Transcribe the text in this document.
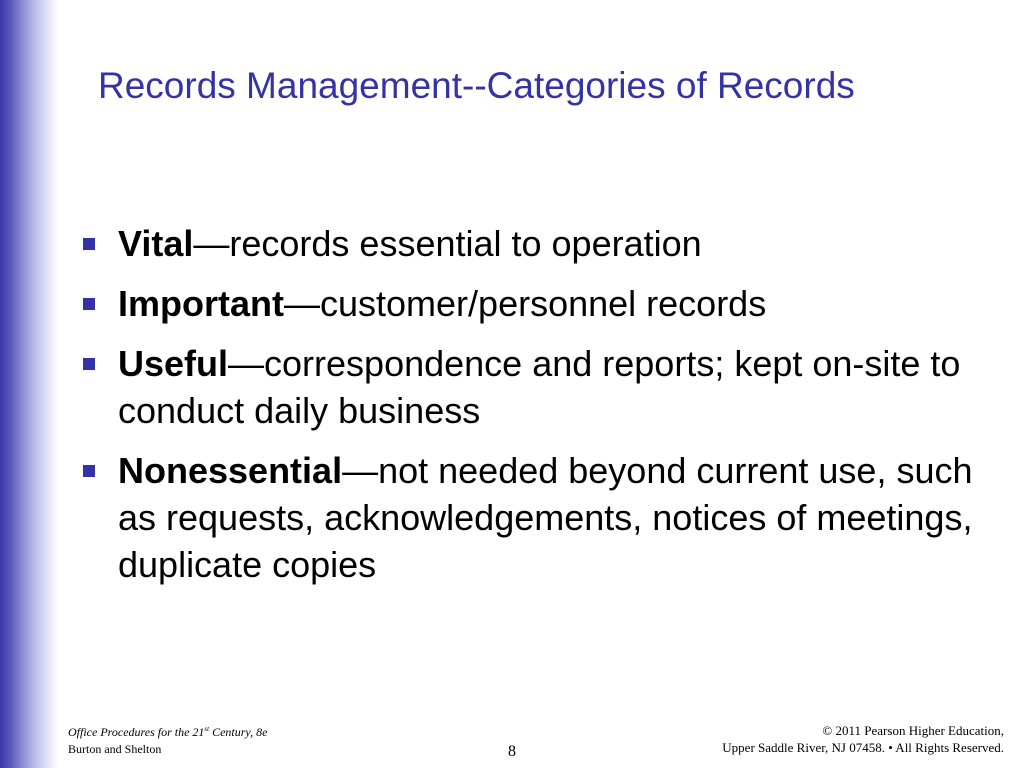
Records Management--Categories of Records
Vital—records essential to operation
Important—customer/personnel records
Useful—correspondence and reports; kept on-site to conduct daily business
Nonessential—not needed beyond current use, such as requests, acknowledgements, notices of meetings, duplicate copies
Office Procedures for the 21st Century, 8e
Burton and Shelton	8
© 2011 Pearson Higher Education,
Upper Saddle River, NJ 07458. • All Rights Reserved.
